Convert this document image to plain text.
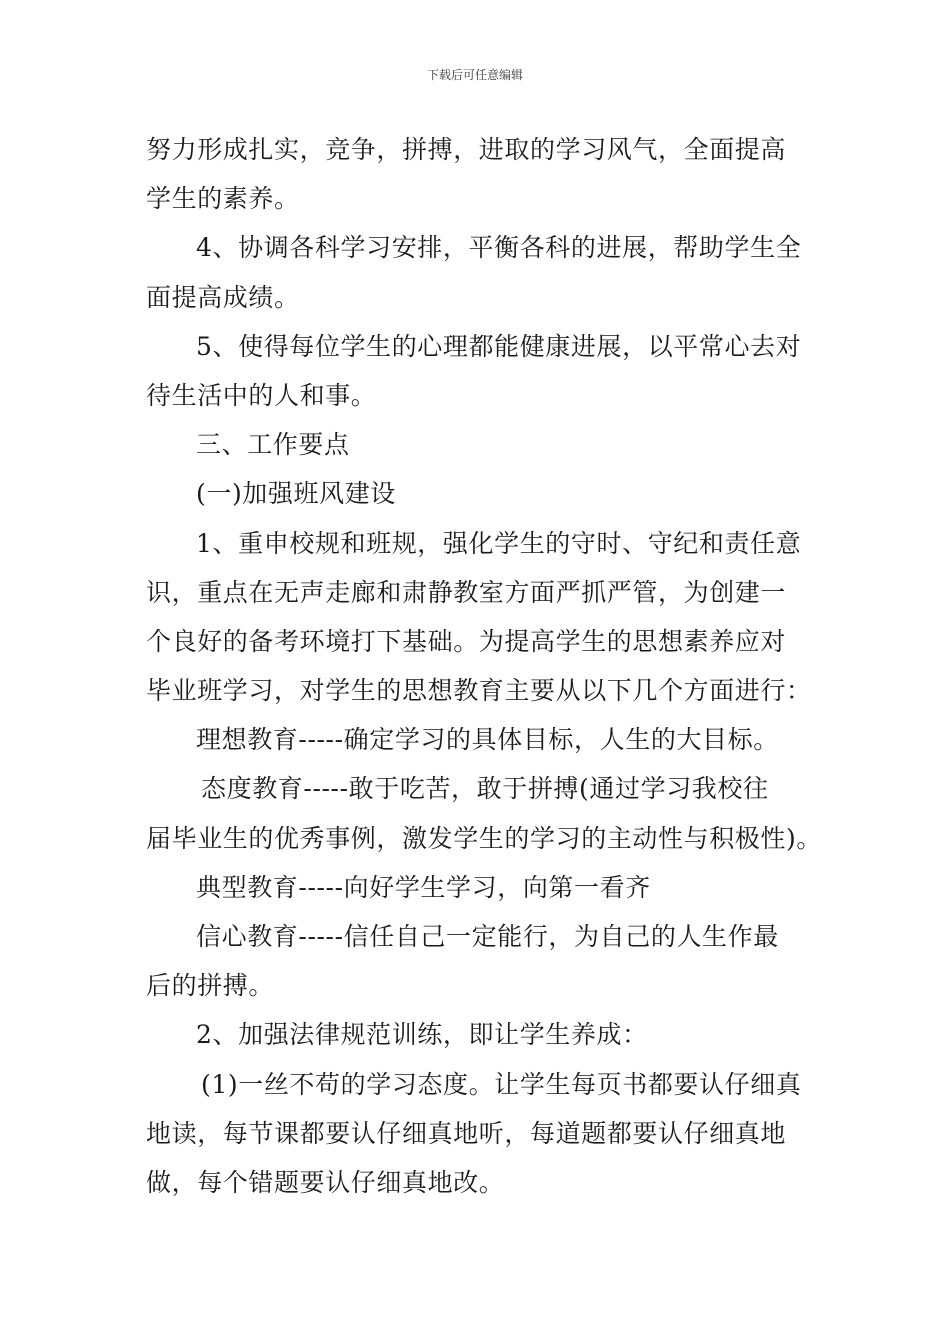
下载后可任意编辑
努力形成扎实，竞争，拼搏，进取的学习风气，全面提高
学生的素养。
4、协调各科学习安排，平衡各科的进展，帮助学生全
面提高成绩。
5、使得每位学生的心理都能健康进展，以平常心去对
待生活中的人和事。
三、工作要点
(一)加强班风建设
1、重申校规和班规，强化学生的守时、守纪和责任意
识，重点在无声走廊和肃静教室方面严抓严管，为创建一
个良好的备考环境打下基础。为提高学生的思想素养应对
毕业班学习，对学生的思想教育主要从以下几个方面进行：
理想教育-----确定学习的具体目标，人生的大目标。
态度教育-----敢于吃苦，敢于拼搏(通过学习我校往
届毕业生的优秀事例，激发学生的学习的主动性与积极性)。
典型教育-----向好学生学习，向第一看齐
信心教育-----信任自己一定能行，为自己的人生作最
后的拼搏。
2、加强法律规范训练，即让学生养成：
(1)一丝不苟的学习态度。让学生每页书都要认仔细真
地读，每节课都要认仔细真地听，每道题都要认仔细真地
做，每个错题要认仔细真地改。
